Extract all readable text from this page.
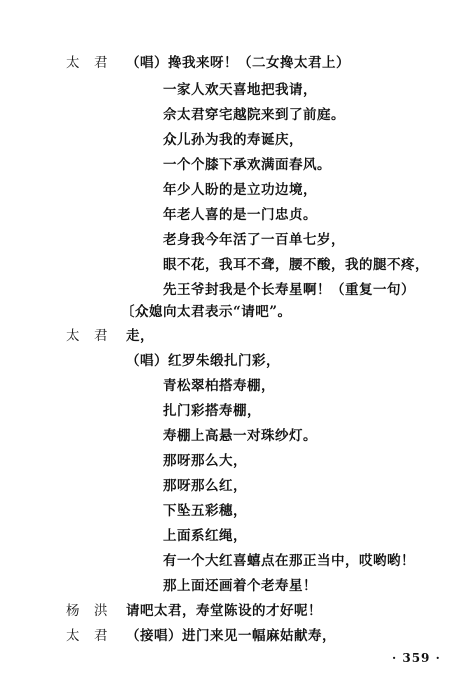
太　君 （唱）搀我来呀！（二女搀太君上）
一家人欢天喜地把我请，
佘太君穿宅越院来到了前庭。
众儿孙为我的寿诞庆，
一个个膝下承欢满面春风。
年少人盼的是立功边境，
年老人喜的是一门忠贞。
老身我今年活了一百单七岁，
眼不花，我耳不聋，腰不酸，我的腿不疼，
先王爷封我是个长寿星啊！（重复一句）
〔众媳向太君表示“请吧”。
太　君 走，
（唱）红罗朱缎扎门彩，
青松翠柏搭寿棚，
扎门彩搭寿棚，
寿棚上高悬一对珠纱灯。
那呀那么大，
那呀那么红，
下坠五彩穗，
上面系红绳，
有一个大红喜蟢点在那正当中，哎哟哟！
那上面还画着个老寿星！
杨　洪 请吧太君，寿堂陈设的才好呢！
太　君 （接唱）进门来见一幅麻姑献寿，
· 359 ·
